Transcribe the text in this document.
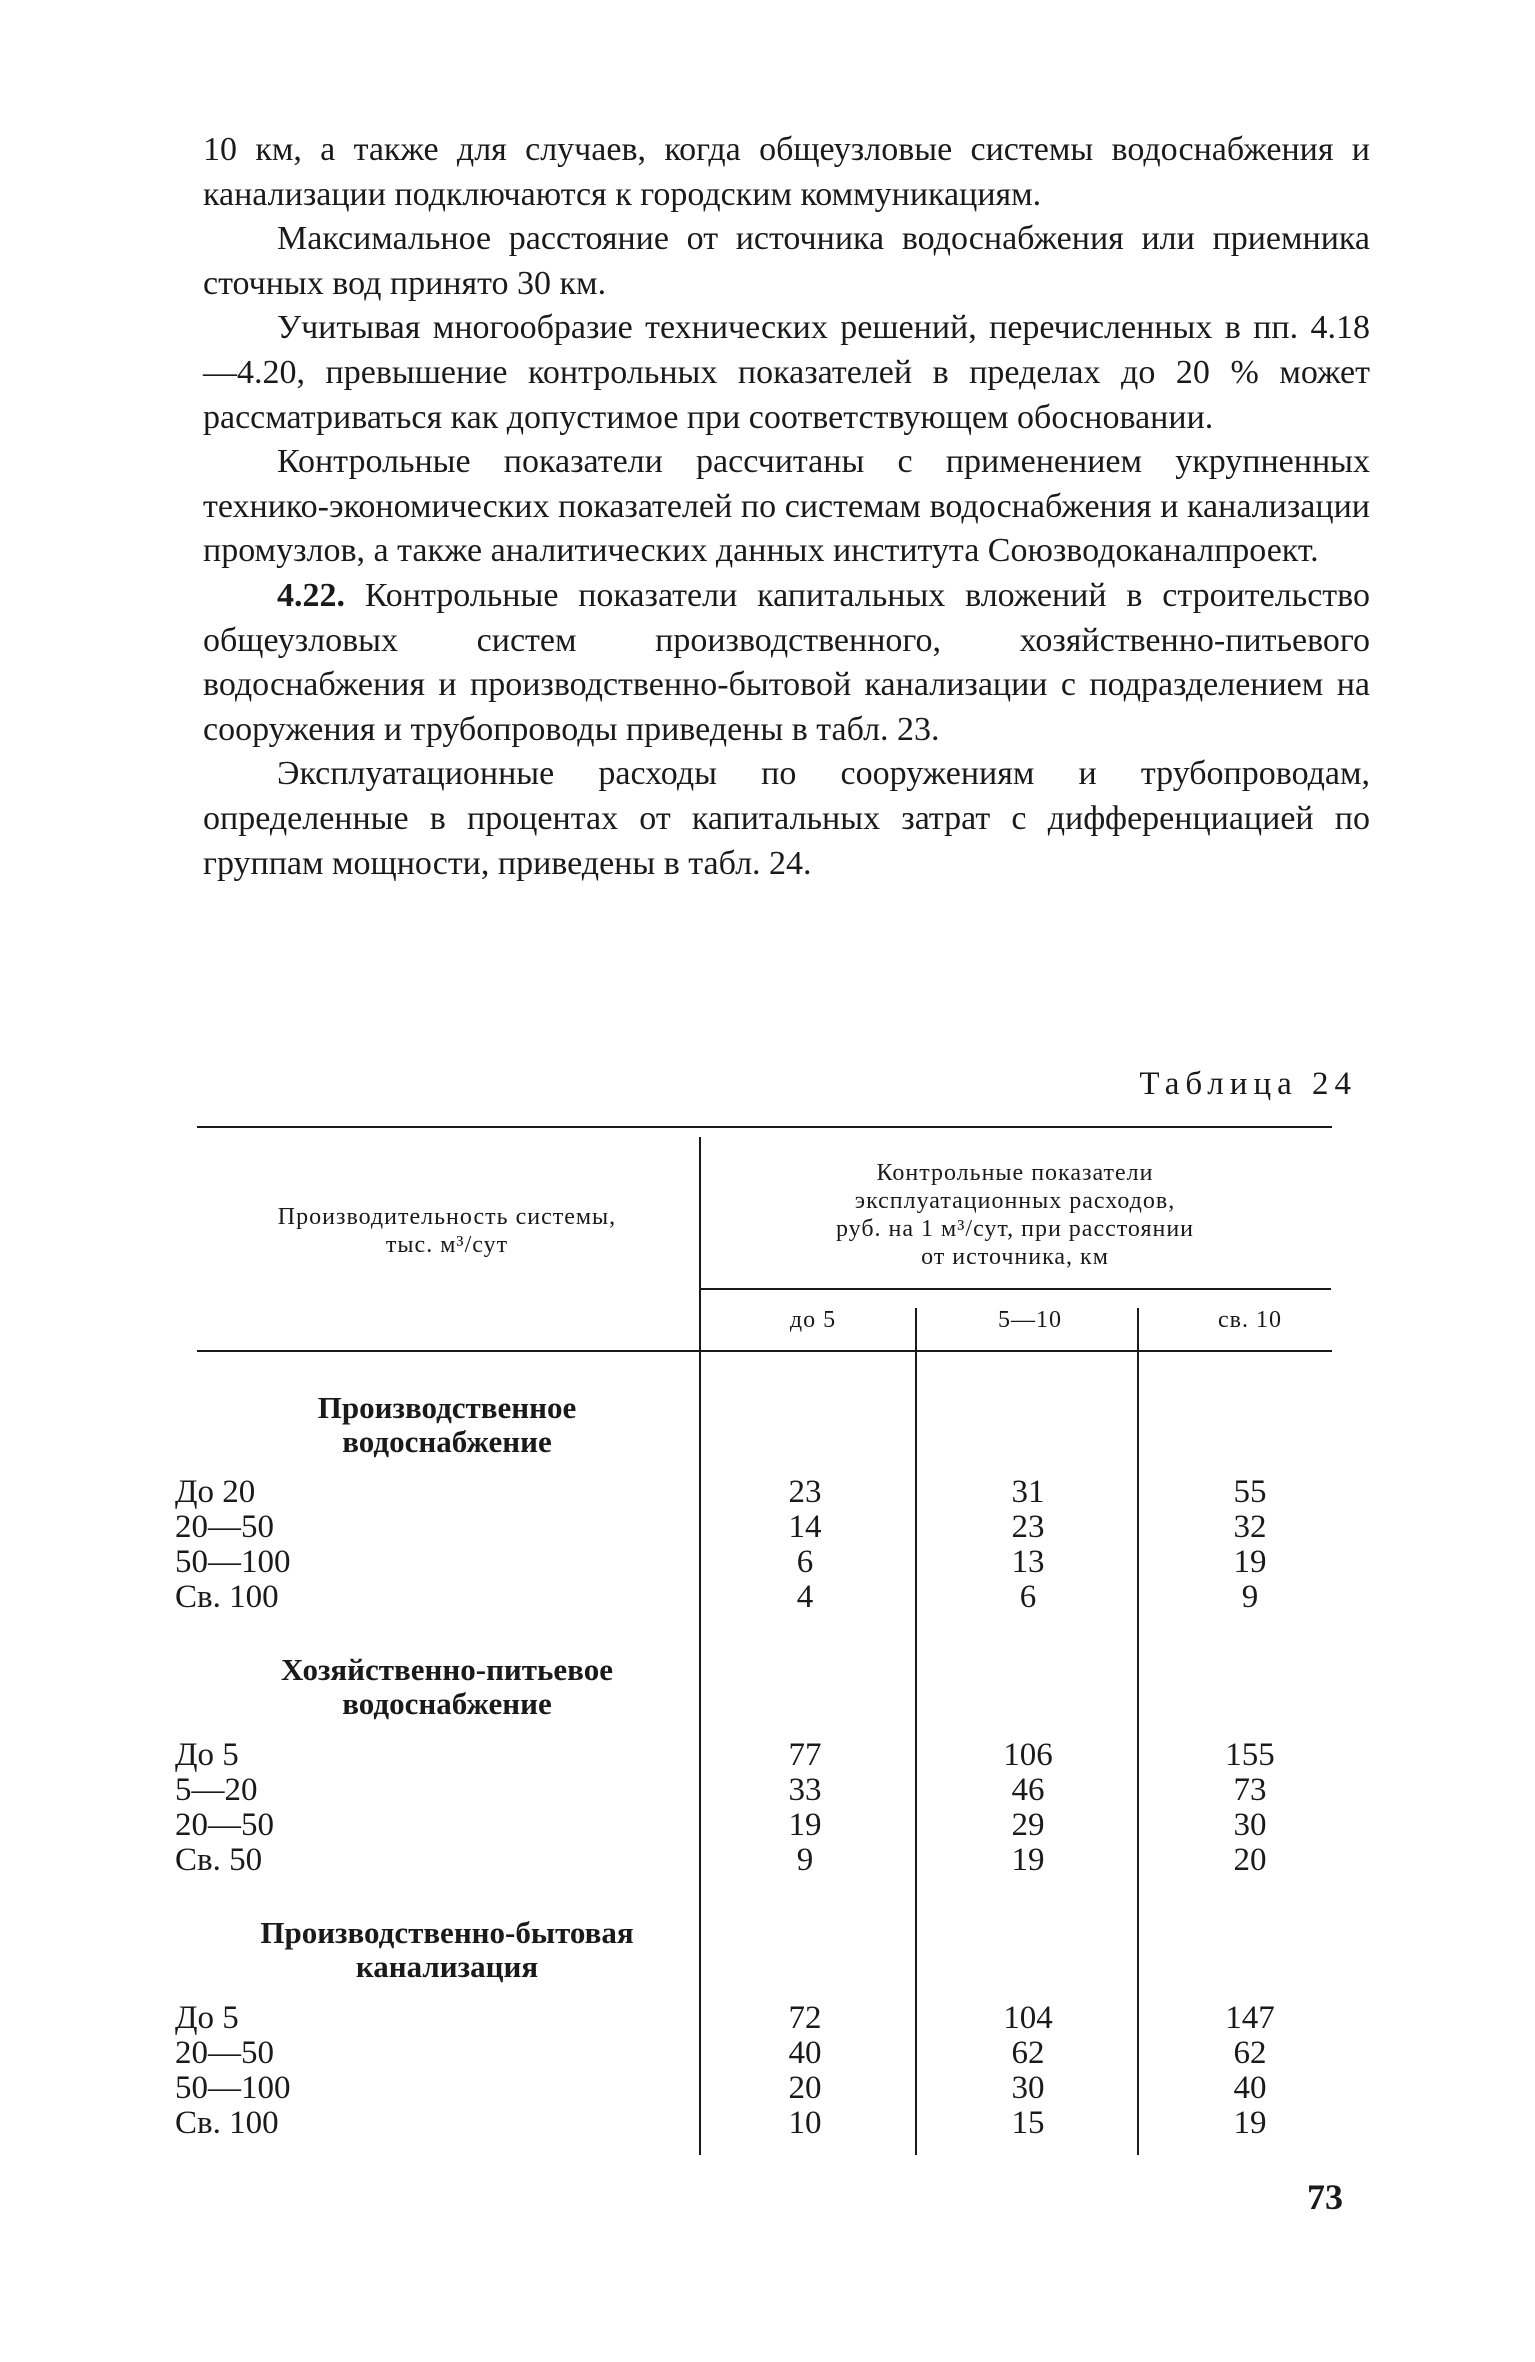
10 км, а также для случаев, когда общеузловые системы водоснабжения и канализации подключаются к городским коммуникациям.

Максимальное расстояние от источника водоснабжения или приемника сточных вод принято 30 км.

Учитывая многообразие технических решений, перечисленных в пп. 4.18—4.20, превышение контрольных показателей в пределах до 20 % может рассматриваться как допустимое при соответствующем обосновании.

Контрольные показатели рассчитаны с применением укрупненных технико-экономических показателей по системам водоснабжения и канализации промузлов, а также аналитических данных института Союзводоканалпроект.

4.22. Контрольные показатели капитальных вложений в строительство общеузловых систем производственного, хозяйственно-питьевого водоснабжения и производственно-бытовой канализации с подразделением на сооружения и трубопроводы приведены в табл. 23.

Эксплуатационные расходы по сооружениям и трубопроводам, определенные в процентах от капитальных затрат с дифференциацией по группам мощности, приведены в табл. 24.

Таблица 24
Производительность системы,
тыс. м³/сут
Контрольные показатели
эксплуатационных расходов,
руб. на 1 м³/сут, при расстоянии
от источника, км
до 5	5—10	св. 10
Производственное
водоснабжение
До 20
20—50
50—100
Св. 100
23
14
6
4
31
23
13
6
55
32
19
9
Хозяйственно-питьевое
водоснабжение
До 5
5—20
20—50
Св. 50
77
33
19
9
106
46
29
19
155
73
30
20
Производственно-бытовая
канализация
До 5
20—50
50—100
Св. 100
72
40
20
10
104
62
30
15
147
62
40
19
73
